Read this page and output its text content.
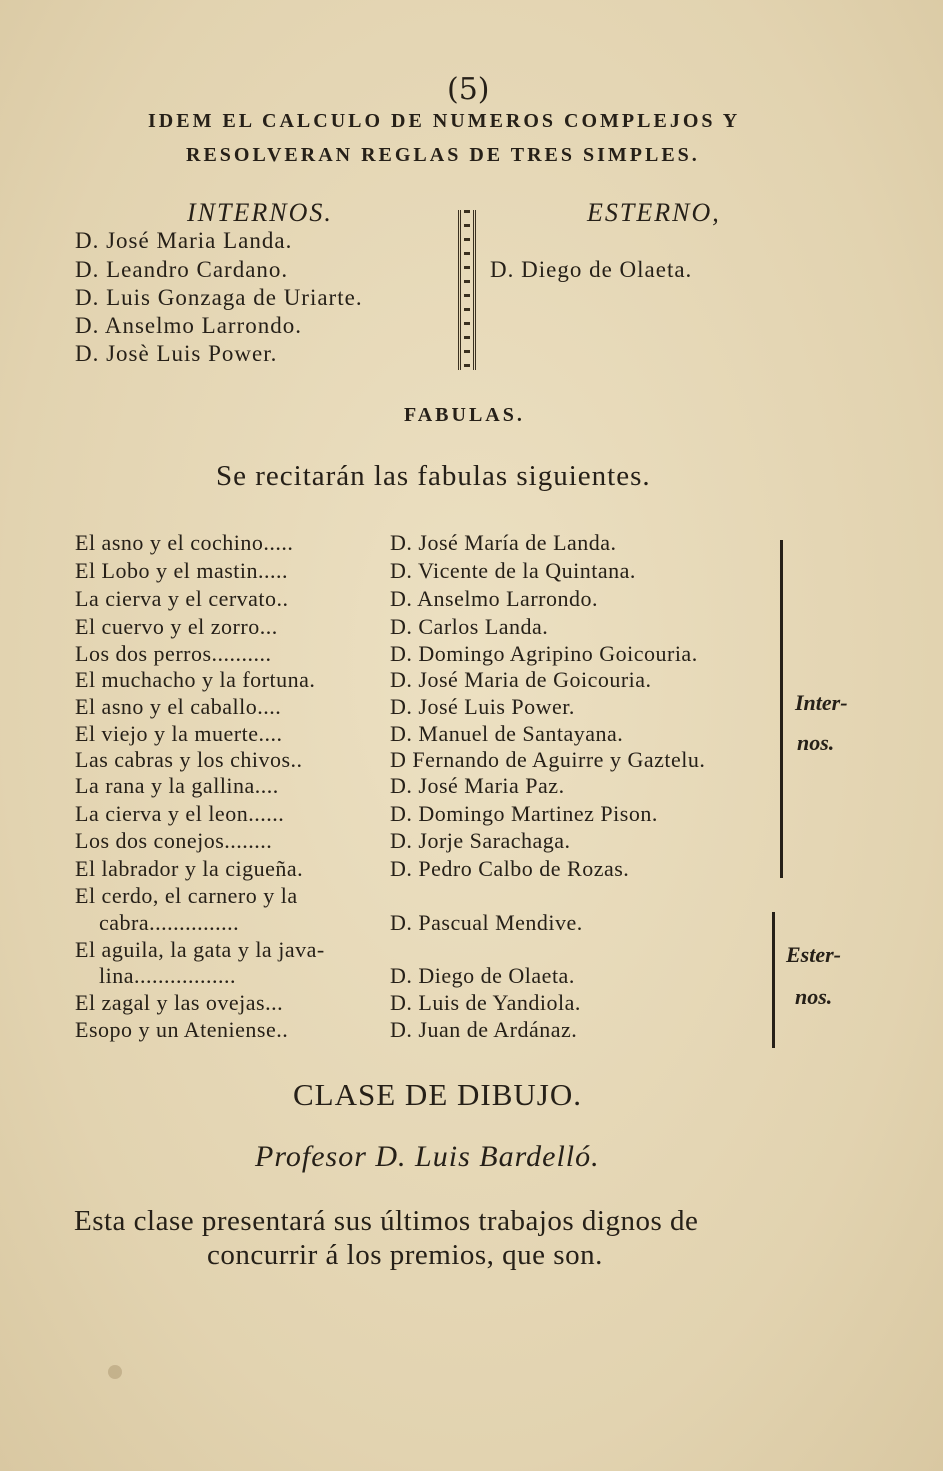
(5)
IDEM EL CALCULO DE NUMEROS COMPLEJOS Y
RESOLVERAN REGLAS DE TRES SIMPLES.
INTERNOS.	ESTERNO,
D. José Maria Landa.
D. Leandro Cardano.
D. Luis Gonzaga de Uriarte.
D. Anselmo Larrondo.
D. Josè Luis Power.
D. Diego de Olaeta.
FABULAS.
Se recitarán las fabulas siguientes.
El asno y el cochino.....	D. José María de Landa.
El Lobo y el mastin.....	D. Vicente de la Quintana.
La cierva y el cervato..	D. Anselmo Larrondo.
El cuervo y el zorro...	D. Carlos Landa.
Los dos perros..........	D. Domingo Agripino Goicouria.
El muchacho y la fortuna.	D. José Maria de Goicouria.
El asno y el caballo....	D. José Luis Power.
El viejo y la muerte....	D. Manuel de Santayana.
Las cabras y los chivos..	D Fernando de Aguirre y Gaztelu.
La rana y la gallina....	D. José Maria Paz.
La cierva y el leon......	D. Domingo Martinez Pison.
Los dos conejos........	D. Jorje Sarachaga.
El labrador y la cigueña.	D. Pedro Calbo de Rozas.
El cerdo, el carnero y la
cabra...............	D. Pascual Mendive.
El aguila, la gata y la java-
lina.................	D. Diego de Olaeta.
El zagal y las ovejas...	D. Luis de Yandiola.
Esopo y un Ateniense..	D. Juan de Ardánaz.
Inter-
nos.
Ester-
nos.
CLASE DE DIBUJO.
Profesor D. Luis Bardelló.
Esta clase presentará sus últimos trabajos dignos de
concurrir á los premios, que son.
